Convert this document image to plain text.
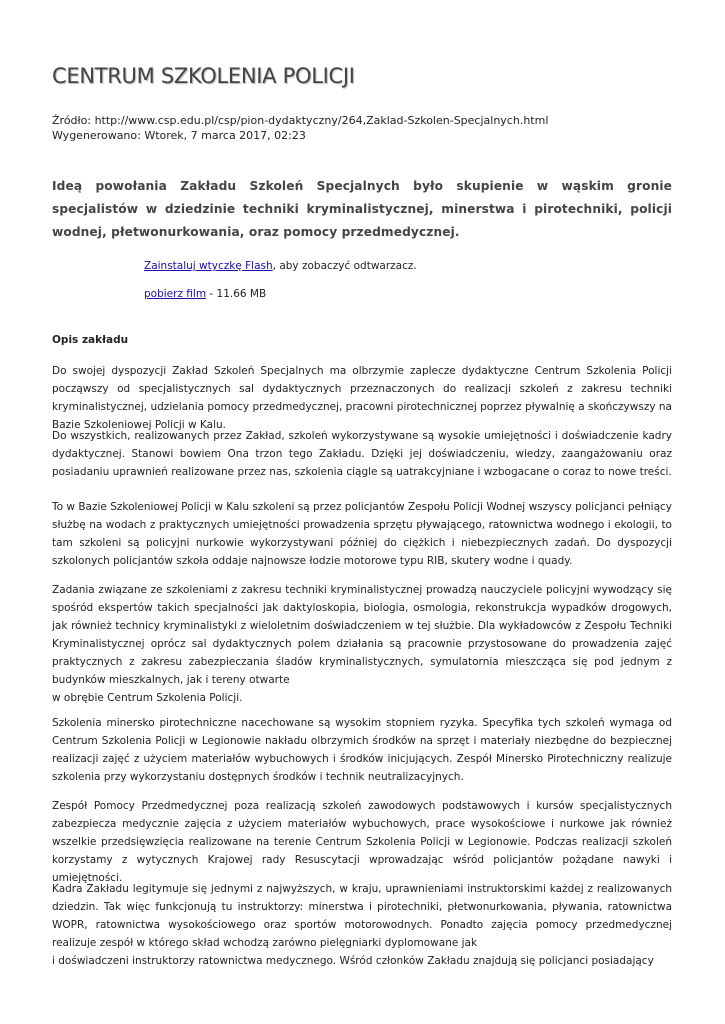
CENTRUM SZKOLENIA POLICJI
Źródło: http://www.csp.edu.pl/csp/pion-dydaktyczny/264,Zaklad-Szkolen-Specjalnych.html
Wygenerowano: Wtorek, 7 marca 2017, 02:23

Ideą powołania Zakładu Szkoleń Specjalnych było skupienie w wąskim gronie specjalistów w dziedzinie techniki kryminalistycznej, minerstwa i pirotechniki, policji wodnej, płetwonurkowania, oraz pomocy przedmedycznej.

Zainstaluj wtyczkę Flash, aby zobaczyć odtwarzacz.
pobierz film - 11.66 MB
Opis zakładu

Do swojej dyspozycji Zakład Szkoleń Specjalnych ma olbrzymie zaplecze dydaktyczne Centrum Szkolenia Policji począwszy od specjalistycznych sal dydaktycznych przeznaczonych do realizacji szkoleń z zakresu techniki kryminalistycznej, udzielania pomocy przedmedycznej, pracowni pirotechnicznej poprzez pływalnię a skończywszy na Bazie Szkoleniowej Policji w Kalu.

Do wszystkich, realizowanych przez Zakład, szkoleń wykorzystywane są wysokie umiejętności i doświadczenie kadry dydaktycznej. Stanowi bowiem Ona trzon tego Zakładu. Dzięki jej doświadczeniu, wiedzy, zaangażowaniu oraz posiadaniu uprawnień realizowane przez nas, szkolenia ciągle są uatrakcyjniane i wzbogacane o coraz to nowe treści.

To w Bazie Szkoleniowej Policji w Kalu szkoleni są przez policjantów Zespołu Policji Wodnej wszyscy policjanci pełniący służbę na wodach z praktycznych umiejętności prowadzenia sprzętu pływającego, ratownictwa wodnego i ekologii, to tam szkoleni są policyjni nurkowie wykorzystywani później do ciężkich i niebezpiecznych zadań. Do dyspozycji szkolonych policjantów szkoła oddaje najnowsze łodzie motorowe typu RIB, skutery wodne i quady.

Zadania związane ze szkoleniami z zakresu techniki kryminalistycznej prowadzą nauczyciele policyjni wywodzący się spośród ekspertów takich specjalności jak daktyloskopia, biologia, osmologia, rekonstrukcja wypadków drogowych, jak również technicy kryminalistyki z wieloletnim doświadczeniem w tej służbie. Dla wykładowców z Zespołu Techniki Kryminalistycznej oprócz sal dydaktycznych polem działania są pracownie przystosowane do prowadzenia zajęć praktycznych z zakresu zabezpieczania śladów kryminalistycznych, symulatornia mieszcząca się pod jednym z budynków mieszkalnych, jak i tereny otwarte
w obrębie Centrum Szkolenia Policji.

Szkolenia minersko pirotechniczne nacechowane są wysokim stopniem ryzyka. Specyfika tych szkoleń wymaga od Centrum Szkolenia Policji w Legionowie nakładu olbrzymich środków na sprzęt i materiały niezbędne do bezpiecznej realizacji zajęć z użyciem materiałów wybuchowych i środków inicjujących. Zespół Minersko Pirotechniczny realizuje szkolenia przy wykorzystaniu dostępnych środków i technik neutralizacyjnych.

Zespół Pomocy Przedmedycznej poza realizacją szkoleń zawodowych podstawowych i kursów specjalistycznych zabezpiecza medycznie zajęcia z użyciem materiałów wybuchowych, prace wysokościowe i nurkowe jak również wszelkie przedsięwzięcia realizowane na terenie Centrum Szkolenia Policji w Legionowie. Podczas realizacji szkoleń korzystamy z wytycznych Krajowej rady Resuscytacji wprowadzając wśród policjantów pożądane nawyki i umiejętności.

Kadra Zakładu legitymuje się jednymi z najwyższych, w kraju, uprawnieniami instruktorskimi każdej z realizowanych dziedzin. Tak więc funkcjonują tu instruktorzy: minerstwa i pirotechniki, płetwonurkowania, pływania, ratownictwa WOPR, ratownictwa wysokościowego oraz sportów motorowodnych. Ponadto zajęcia pomocy przedmedycznej realizuje zespół w którego skład wchodzą zarówno pielęgniarki dyplomowane jak
i doświadczeni instruktorzy ratownictwa medycznego. Wśród członków Zakładu znajdują się policjanci posiadający
